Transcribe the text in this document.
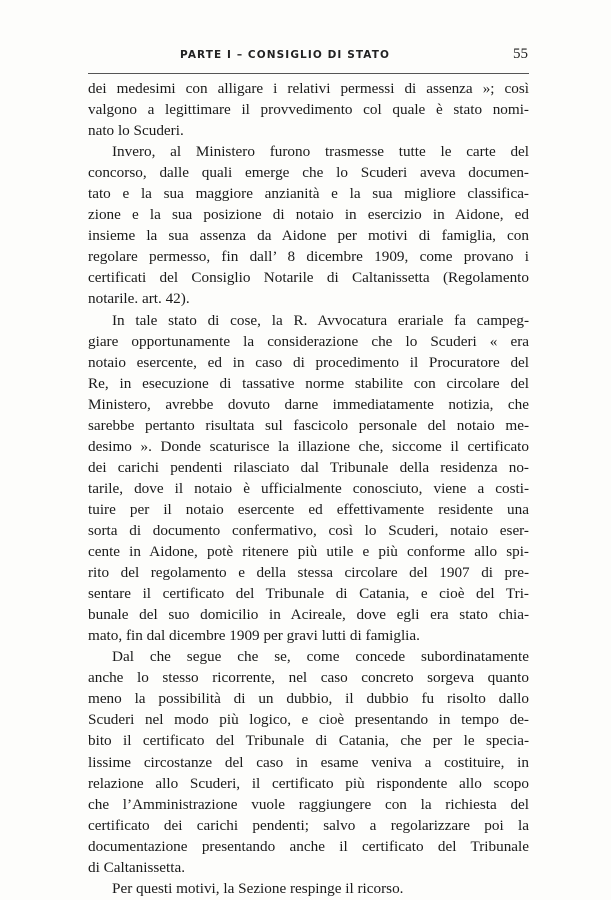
PARTE I – CONSIGLIO DI STATO	55
dei medesimi con alligare i relativi permessi di assenza »; così
valgono a legittimare il provvedimento col quale è stato nomi-
nato lo Scuderi.
Invero, al Ministero furono trasmesse tutte le carte del
concorso, dalle quali emerge che lo Scuderi aveva documen-
tato e la sua maggiore anzianità e la sua migliore classifica-
zione e la sua posizione di notaio in esercizio in Aidone, ed
insieme la sua assenza da Aidone per motivi di famiglia, con
regolare permesso, fin dall’ 8 dicembre 1909, come provano i
certificati del Consiglio Notarile di Caltanissetta (Regolamento
notarile. art. 42).
In tale stato di cose, la R. Avvocatura erariale fa campeg-
giare opportunamente la considerazione che lo Scuderi « era
notaio esercente, ed in caso di procedimento il Procuratore del
Re, in esecuzione di tassative norme stabilite con circolare del
Ministero, avrebbe dovuto darne immediatamente notizia, che
sarebbe pertanto risultata sul fascicolo personale del notaio me-
desimo ». Donde scaturisce la illazione che, siccome il certificato
dei carichi pendenti rilasciato dal Tribunale della residenza no-
tarile, dove il notaio è ufficialmente conosciuto, viene a costi-
tuire per il notaio esercente ed effettivamente residente una
sorta di documento confermativo, così lo Scuderi, notaio eser-
cente in Aidone, potè ritenere più utile e più conforme allo spi-
rito del regolamento e della stessa circolare del 1907 di pre-
sentare il certificato del Tribunale di Catania, e cioè del Tri-
bunale del suo domicilio in Acireale, dove egli era stato chia-
mato, fin dal dicembre 1909 per gravi lutti di famiglia.
Dal che segue che se, come concede subordinatamente
anche lo stesso ricorrente, nel caso concreto sorgeva quanto
meno la possibilità di un dubbio, il dubbio fu risolto dallo
Scuderi nel modo più logico, e cioè presentando in tempo de-
bito il certificato del Tribunale di Catania, che per le specia-
lissime circostanze del caso in esame veniva a costituire, in
relazione allo Scuderi, il certificato più rispondente allo scopo
che l’Amministrazione vuole raggiungere con la richiesta del
certificato dei carichi pendenti; salvo a regolarizzare poi la
documentazione presentando anche il certificato del Tribunale
di Caltanissetta.
Per questi motivi, la Sezione respinge il ricorso.
